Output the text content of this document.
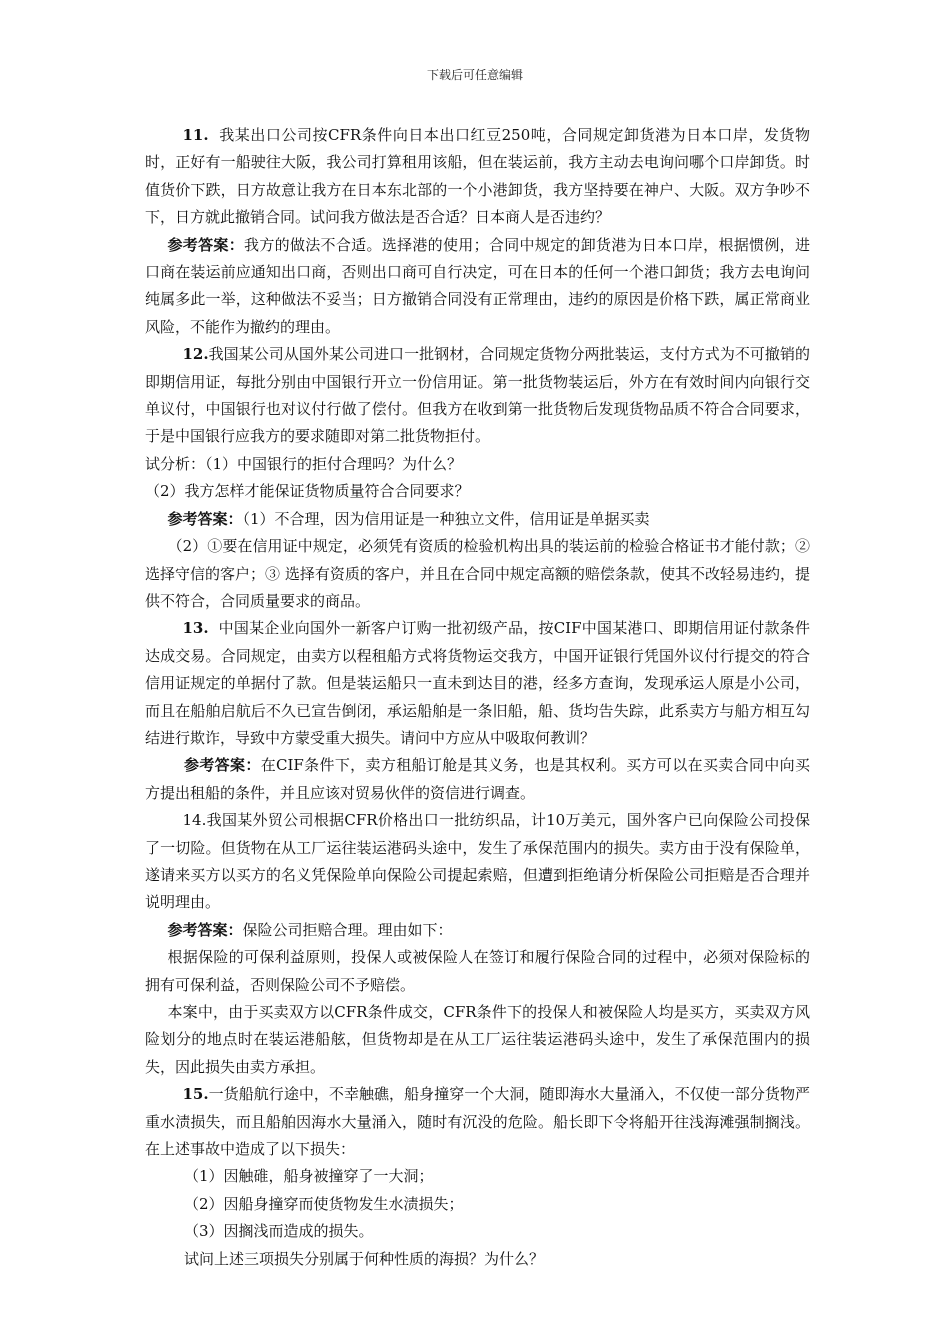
下载后可任意编辑

11. 我某出口公司按CFR条件向日本出口红豆250吨，合同规定卸货港为日本口岸，发货物时，正好有一船驶往大阪，我公司打算租用该船，但在装运前，我方主动去电询问哪个口岸卸货。时值货价下跌，日方故意让我方在日本东北部的一个小港卸货，我方坚持要在神户、大阪。双方争吵不下，日方就此撤销合同。试问我方做法是否合适？日本商人是否违约？

参考答案：我方的做法不合适。选择港的使用；合同中规定的卸货港为日本口岸，根据惯例，进口商在装运前应通知出口商，否则出口商可自行决定，可在日本的任何一个港口卸货；我方去电询问纯属多此一举，这种做法不妥当；日方撤销合同没有正常理由，违约的原因是价格下跌，属正常商业风险，不能作为撤约的理由。

12.我国某公司从国外某公司进口一批钢材，合同规定货物分两批装运，支付方式为不可撤销的即期信用证，每批分别由中国银行开立一份信用证。第一批货物装运后，外方在有效时间内向银行交单议付，中国银行也对议付行做了偿付。但我方在收到第一批货物后发现货物品质不符合合同要求，于是中国银行应我方的要求随即对第二批货物拒付。

试分析：（1）中国银行的拒付合理吗？为什么？

（2）我方怎样才能保证货物质量符合合同要求？

参考答案：（1）不合理，因为信用证是一种独立文件，信用证是单据买卖

（2）①要在信用证中规定，必须凭有资质的检验机构出具的装运前的检验合格证书才能付款；②选择守信的客户；③ 选择有资质的客户，并且在合同中规定高额的赔偿条款，使其不改轻易违约，提供不符合，合同质量要求的商品。

13. 中国某企业向国外一新客户订购一批初级产品，按CIF中国某港口、即期信用证付款条件达成交易。合同规定，由卖方以程租船方式将货物运交我方，中国开证银行凭国外议付行提交的符合信用证规定的单据付了款。但是装运船只一直未到达目的港，经多方查询，发现承运人原是小公司，而且在船舶启航后不久已宣告倒闭，承运船舶是一条旧船，船、货均告失踪，此系卖方与船方相互勾结进行欺诈，导致中方蒙受重大损失。请问中方应从中吸取何教训？

参考答案：在CIF条件下，卖方租船订舱是其义务，也是其权利。买方可以在买卖合同中向买方提出租船的条件，并且应该对贸易伙伴的资信进行调查。

14.我国某外贸公司根据CFR价格出口一批纺织品，计10万美元，国外客户已向保险公司投保了一切险。但货物在从工厂运往装运港码头途中，发生了承保范围内的损失。卖方由于没有保险单，遂请来买方以买方的名义凭保险单向保险公司提起索赔，但遭到拒绝请分析保险公司拒赔是否合理并说明理由。

参考答案：保险公司拒赔合理。理由如下：

根据保险的可保利益原则，投保人或被保险人在签订和履行保险合同的过程中，必须对保险标的拥有可保利益，否则保险公司不予赔偿。

本案中，由于买卖双方以CFR条件成交，CFR条件下的投保人和被保险人均是买方，买卖双方风险划分的地点时在装运港船舷，但货物却是在从工厂运往装运港码头途中，发生了承保范围内的损失，因此损失由卖方承担。

15.一货船航行途中，不幸触礁，船身撞穿一个大洞，随即海水大量涌入，不仅使一部分货物严重水渍损失，而且船舶因海水大量涌入，随时有沉没的危险。船长即下令将船开往浅海滩强制搁浅。在上述事故中造成了以下损失：

（1）因触碓，船身被撞穿了一大洞；

（2）因船身撞穿而使货物发生水渍损失；

（3）因搁浅而造成的损失。

试问上述三项损失分别属于何种性质的海损？为什么？
